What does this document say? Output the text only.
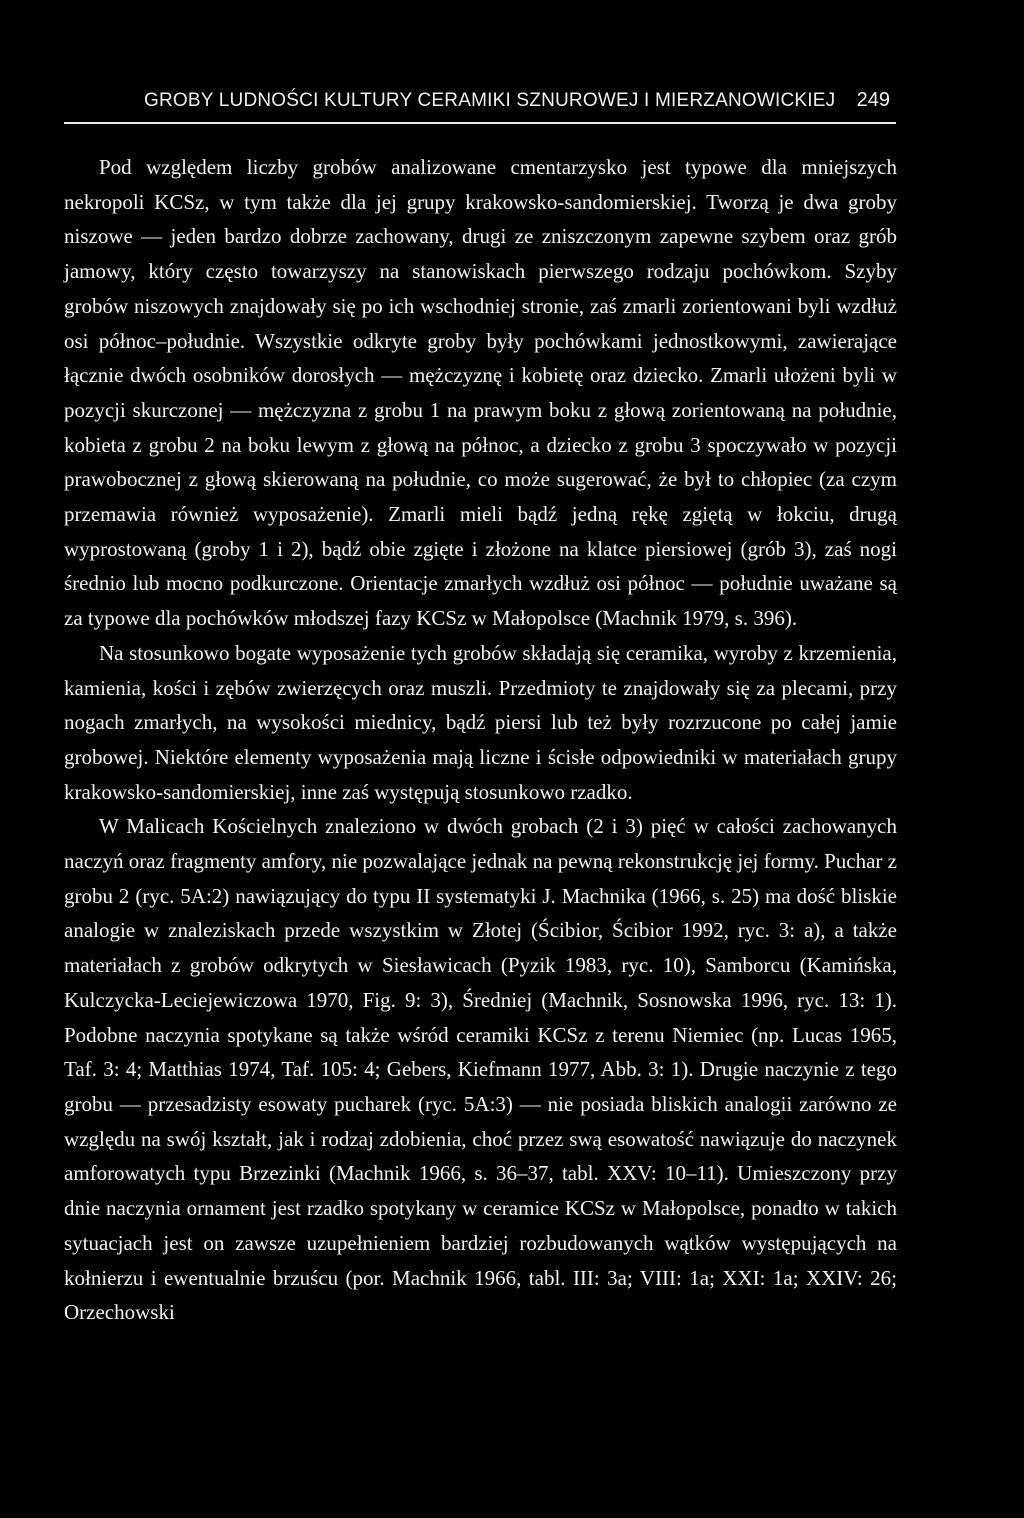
GROBY LUDNOŚCI KULTURY CERAMIKI SZNUROWEJ I MIERZANOWICKIEJ 249

Pod względem liczby grobów analizowane cmentarzysko jest typowe dla mniejszych nekropoli KCSz, w tym także dla jej grupy krakowsko-sandomierskiej. Tworzą je dwa groby niszowe — jeden bardzo dobrze zachowany, drugi ze zniszczonym zapewne szybem oraz grób jamowy, który często towarzyszy na stanowiskach pierwszego rodzaju pochówkom. Szyby grobów niszowych znajdowały się po ich wschodniej stronie, zaś zmarli zorientowani byli wzdłuż osi północ–południe. Wszystkie odkryte groby były pochówkami jednostkowymi, zawierające łącznie dwóch osobników dorosłych — mężczyznę i kobietę oraz dziecko. Zmarli ułożeni byli w pozycji skurczonej — mężczyzna z grobu 1 na prawym boku z głową zorientowaną na południe, kobieta z grobu 2 na boku lewym z głową na północ, a dziecko z grobu 3 spoczywało w pozycji prawobocznej z głową skierowaną na południe, co może sugerować, że był to chłopiec (za czym przemawia również wyposażenie). Zmarli mieli bądź jedną rękę zgiętą w łokciu, drugą wyprostowaną (groby 1 i 2), bądź obie zgięte i złożone na klatce piersiowej (grób 3), zaś nogi średnio lub mocno podkurczone. Orientacje zmarłych wzdłuż osi północ — południe uważane są za typowe dla pochówków młodszej fazy KCSz w Małopolsce (Machnik 1979, s. 396).

Na stosunkowo bogate wyposażenie tych grobów składają się ceramika, wyroby z krzemienia, kamienia, kości i zębów zwierzęcych oraz muszli. Przedmioty te znajdowały się za plecami, przy nogach zmarłych, na wysokości miednicy, bądź piersi lub też były rozrzucone po całej jamie grobowej. Niektóre elementy wyposażenia mają liczne i ścisłe odpowiedniki w materiałach grupy krakowsko-sandomierskiej, inne zaś występują stosunkowo rzadko.

W Malicach Kościelnych znaleziono w dwóch grobach (2 i 3) pięć w całości zachowanych naczyń oraz fragmenty amfory, nie pozwalające jednak na pewną rekonstrukcję jej formy. Puchar z grobu 2 (ryc. 5A:2) nawiązujący do typu II systematyki J. Machnika (1966, s. 25) ma dość bliskie analogie w znaleziskach przede wszystkim w Złotej (Ścibior, Ścibior 1992, ryc. 3: a), a także materiałach z grobów odkrytych w Siesławicach (Pyzik 1983, ryc. 10), Samborcu (Kamińska, Kulczycka-Leciejewiczowa 1970, Fig. 9: 3), Średniej (Machnik, Sosnowska 1996, ryc. 13: 1). Podobne naczynia spotykane są także wśród ceramiki KCSz z terenu Niemiec (np. Lucas 1965, Taf. 3: 4; Matthias 1974, Taf. 105: 4; Gebers, Kiefmann 1977, Abb. 3: 1). Drugie naczynie z tego grobu — przesadzisty esowaty pucharek (ryc. 5A:3) — nie posiada bliskich analogii zarówno ze względu na swój kształt, jak i rodzaj zdobienia, choć przez swą esowatość nawiązuje do naczynek amforowatych typu Brzezinki (Machnik 1966, s. 36–37, tabl. XXV: 10–11). Umieszczony przy dnie naczynia ornament jest rzadko spotykany w ceramice KCSz w Małopolsce, ponadto w takich sytuacjach jest on zawsze uzupełnieniem bardziej rozbudowanych wątków występujących na kołnierzu i ewentualnie brzuścu (por. Machnik 1966, tabl. III: 3a; VIII: 1a; XXI: 1a; XXIV: 26; Orzechowski
